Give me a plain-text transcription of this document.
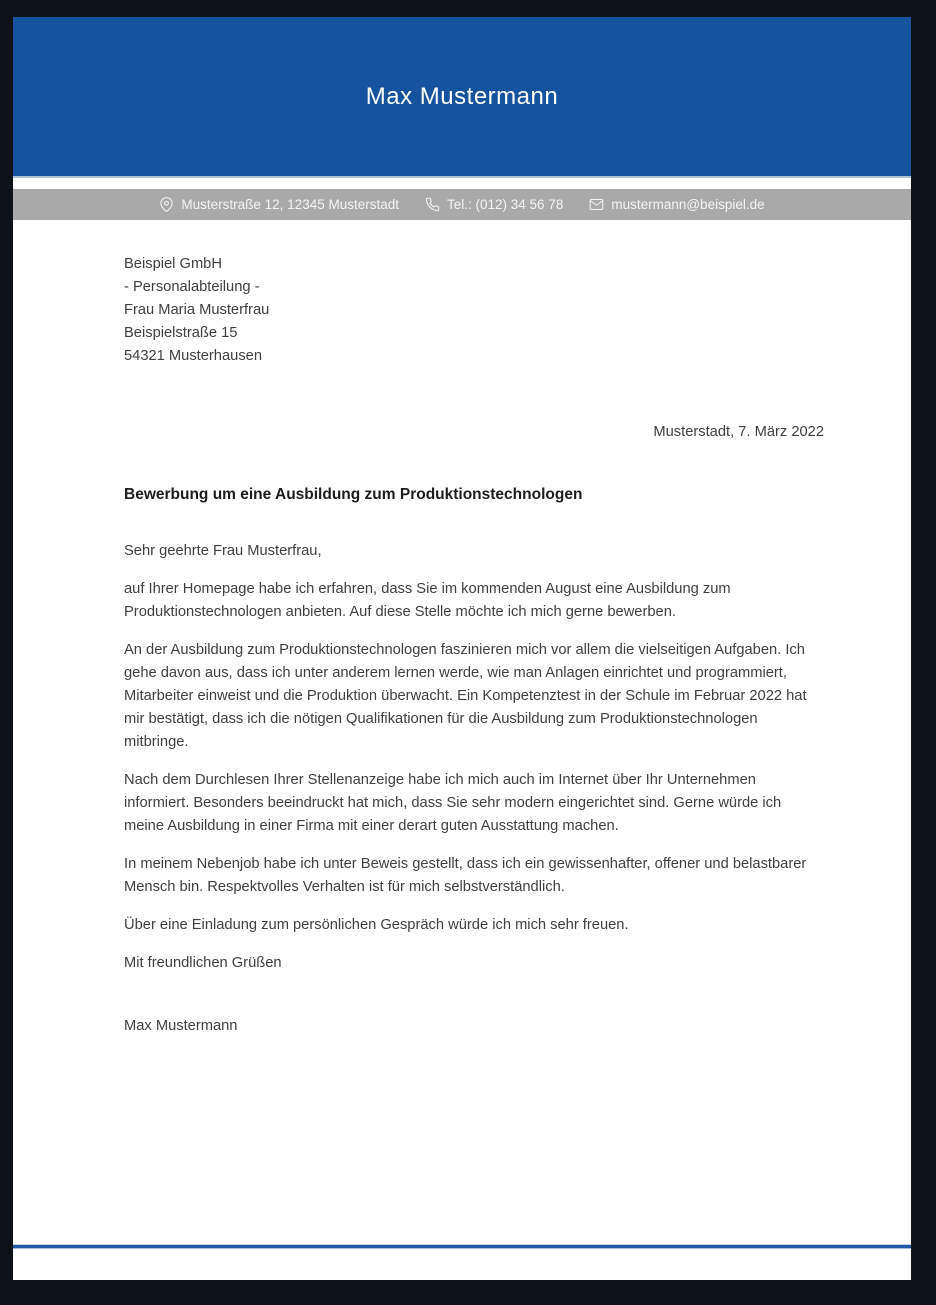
Max Mustermann
Musterstraße 12, 12345 Musterstadt	Tel.: (012) 34 56 78	mustermann@beispiel.de
Beispiel GmbH
- Personalabteilung -
Frau Maria Musterfrau
Beispielstraße 15
54321 Musterhausen
Musterstadt, 7. März 2022
Bewerbung um eine Ausbildung zum Produktionstechnologen

Sehr geehrte Frau Musterfrau,

auf Ihrer Homepage habe ich erfahren, dass Sie im kommenden August eine Ausbildung zum Produktionstechnologen anbieten. Auf diese Stelle möchte ich mich gerne bewerben.

An der Ausbildung zum Produktionstechnologen faszinieren mich vor allem die vielseitigen Aufgaben. Ich gehe davon aus, dass ich unter anderem lernen werde, wie man Anlagen einrichtet und programmiert, Mitarbeiter einweist und die Produktion überwacht. Ein Kompetenztest in der Schule im Februar 2022 hat mir bestätigt, dass ich die nötigen Qualifikationen für die Ausbildung zum Produktionstechnologen mitbringe.

Nach dem Durchlesen Ihrer Stellenanzeige habe ich mich auch im Internet über Ihr Unternehmen informiert. Besonders beeindruckt hat mich, dass Sie sehr modern eingerichtet sind. Gerne würde ich meine Ausbildung in einer Firma mit einer derart guten Ausstattung machen.

In meinem Nebenjob habe ich unter Beweis gestellt, dass ich ein gewissenhafter, offener und belastbarer Mensch bin. Respektvolles Verhalten ist für mich selbstverständlich.

Über eine Einladung zum persönlichen Gespräch würde ich mich sehr freuen.

Mit freundlichen Grüßen

Max Mustermann
